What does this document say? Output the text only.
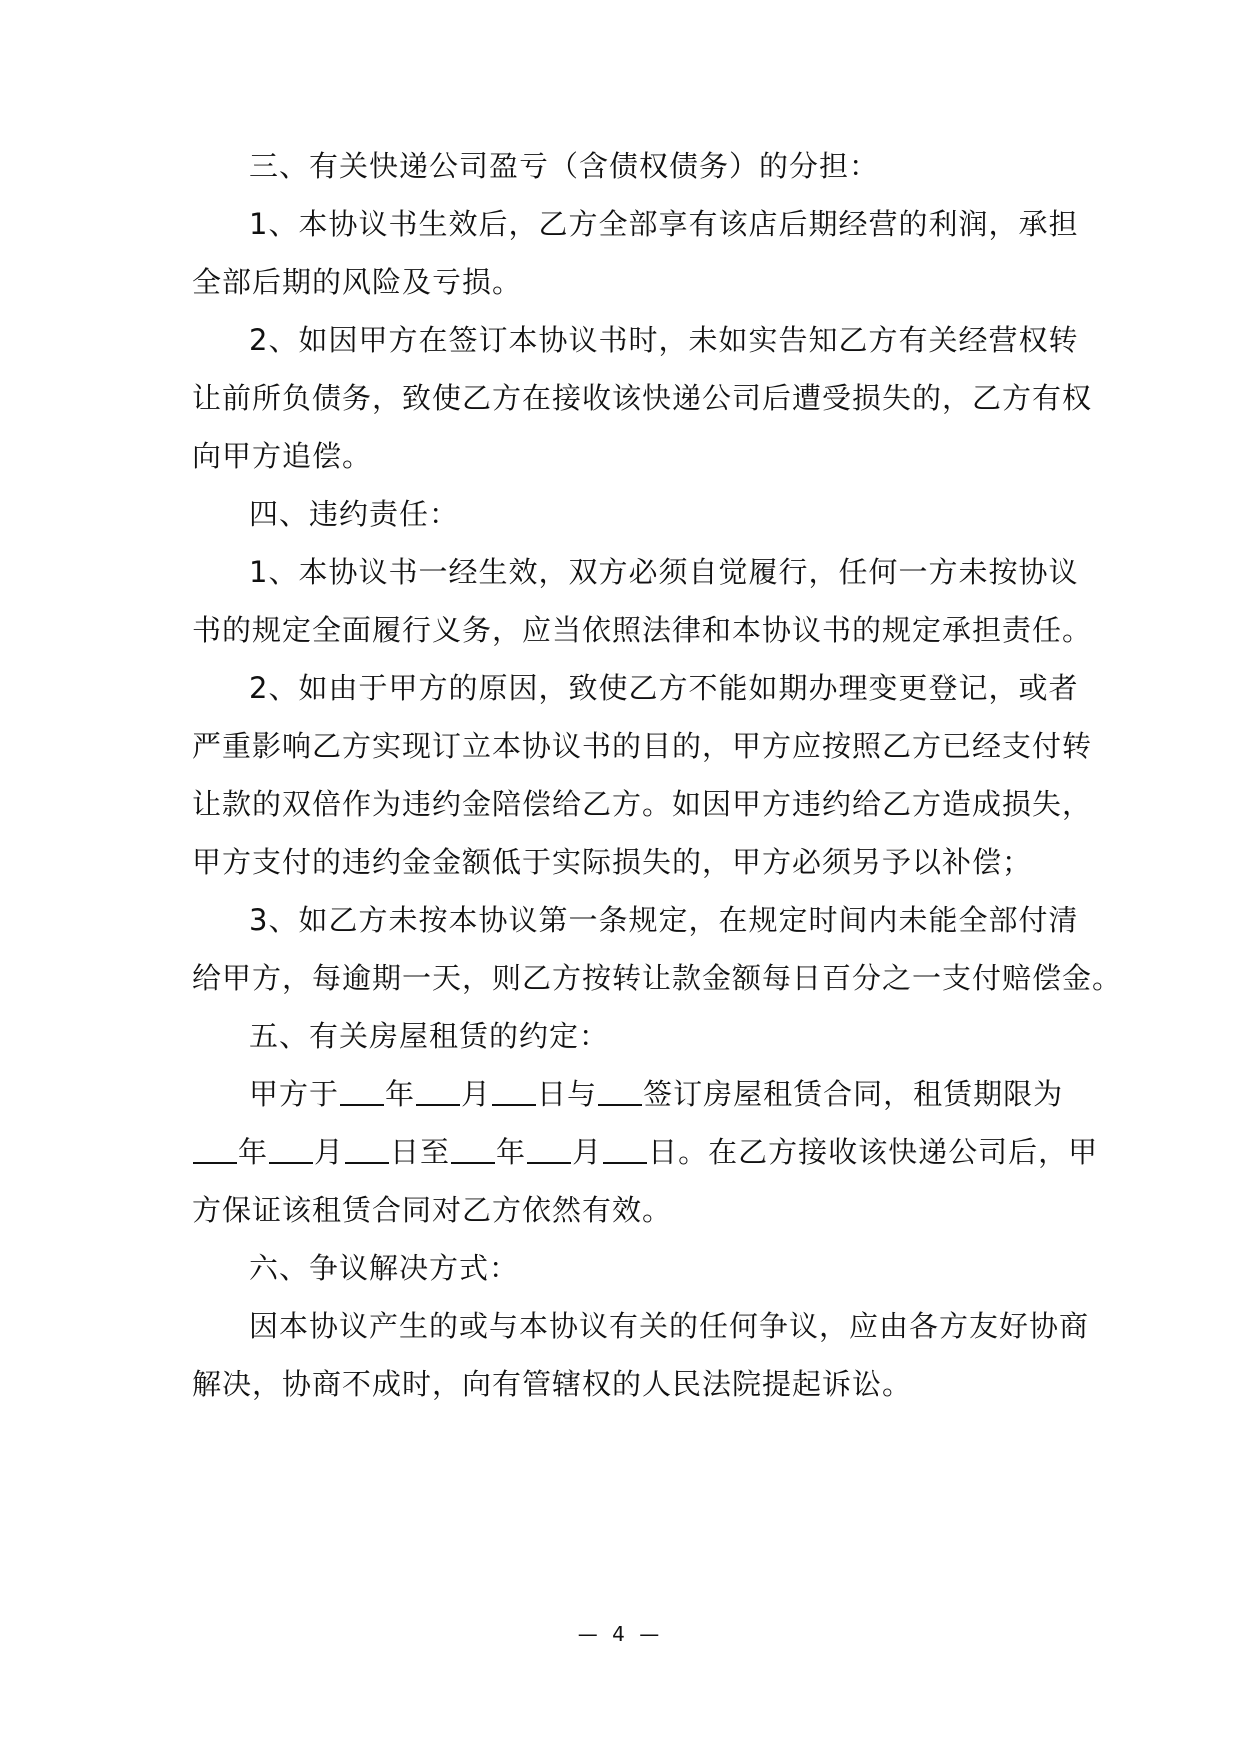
三、有关快递公司盈亏（含债权债务）的分担：
1、本协议书生效后，乙方全部享有该店后期经营的利润，承担
全部后期的风险及亏损。
2、如因甲方在签订本协议书时，未如实告知乙方有关经营权转
让前所负债务，致使乙方在接收该快递公司后遭受损失的，乙方有权
向甲方追偿。
四、违约责任：
1、本协议书一经生效，双方必须自觉履行，任何一方未按协议
书的规定全面履行义务，应当依照法律和本协议书的规定承担责任。
2、如由于甲方的原因，致使乙方不能如期办理变更登记，或者
严重影响乙方实现订立本协议书的目的，甲方应按照乙方已经支付转
让款的双倍作为违约金陪偿给乙方。如因甲方违约给乙方造成损失，
甲方支付的违约金金额低于实际损失的，甲方必须另予以补偿；
3、如乙方未按本协议第一条规定，在规定时间内未能全部付清
给甲方，每逾期一天，则乙方按转让款金额每日百分之一支付赔偿金。
五、有关房屋租赁的约定：
甲方于 年 月 日与 签订房屋租赁合同，租赁期限为
年 月 日至 年 月 日。在乙方接收该快递公司后，甲
方保证该租赁合同对乙方依然有效。
六、争议解决方式：
因本协议产生的或与本协议有关的任何争议，应由各方友好协商
解决，协商不成时，向有管辖权的人民法院提起诉讼。
— 4 —
